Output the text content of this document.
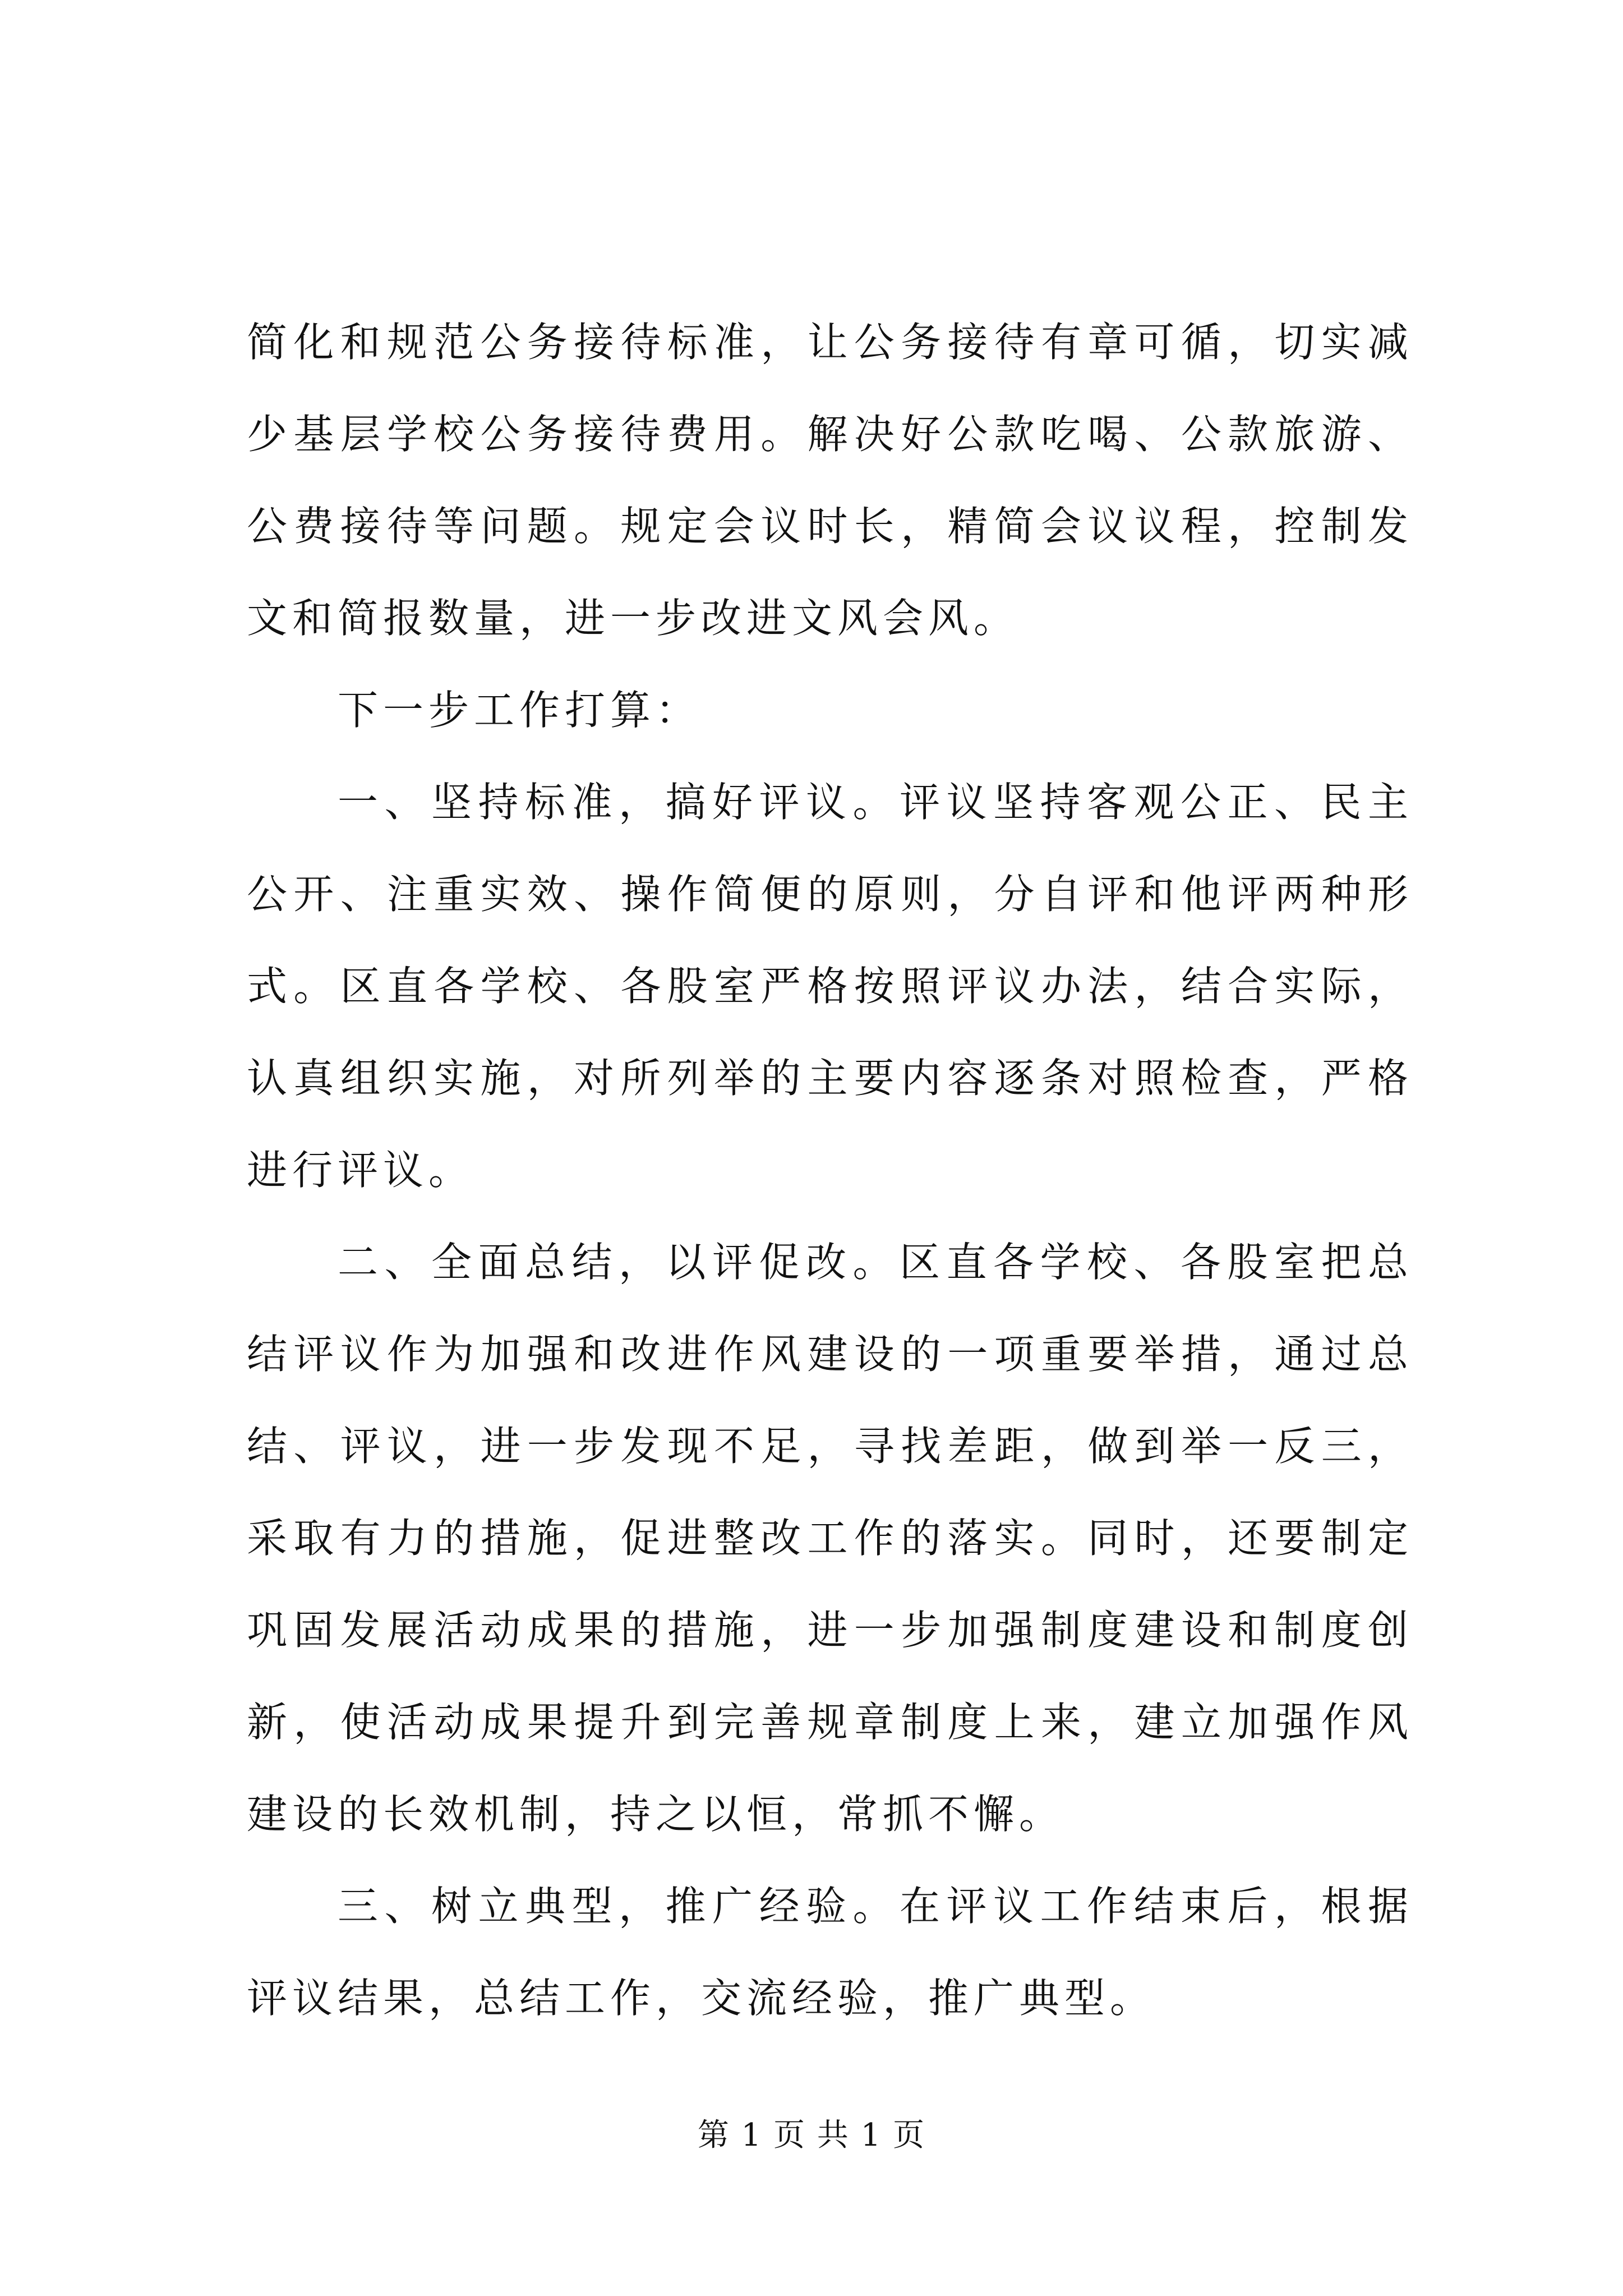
简化和规范公务接待标准，让公务接待有章可循，切实减少基层学校公务接待费用。解决好公款吃喝、公款旅游、公费接待等问题。规定会议时长，精简会议议程，控制发文和简报数量，进一步改进文风会风。

下一步工作打算：

一、坚持标准，搞好评议。评议坚持客观公正、民主公开、注重实效、操作简便的原则，分自评和他评两种形式。区直各学校、各股室严格按照评议办法，结合实际，认真组织实施，对所列举的主要内容逐条对照检查，严格进行评议。

二、全面总结，以评促改。区直各学校、各股室把总结评议作为加强和改进作风建设的一项重要举措，通过总结、评议，进一步发现不足，寻找差距，做到举一反三，采取有力的措施，促进整改工作的落实。同时，还要制定巩固发展活动成果的措施，进一步加强制度建设和制度创新，使活动成果提升到完善规章制度上来，建立加强作风建设的长效机制，持之以恒，常抓不懈。

三、树立典型，推广经验。在评议工作结束后，根据评议结果，总结工作，交流经验，推广典型。

第 1 页 共 1 页
